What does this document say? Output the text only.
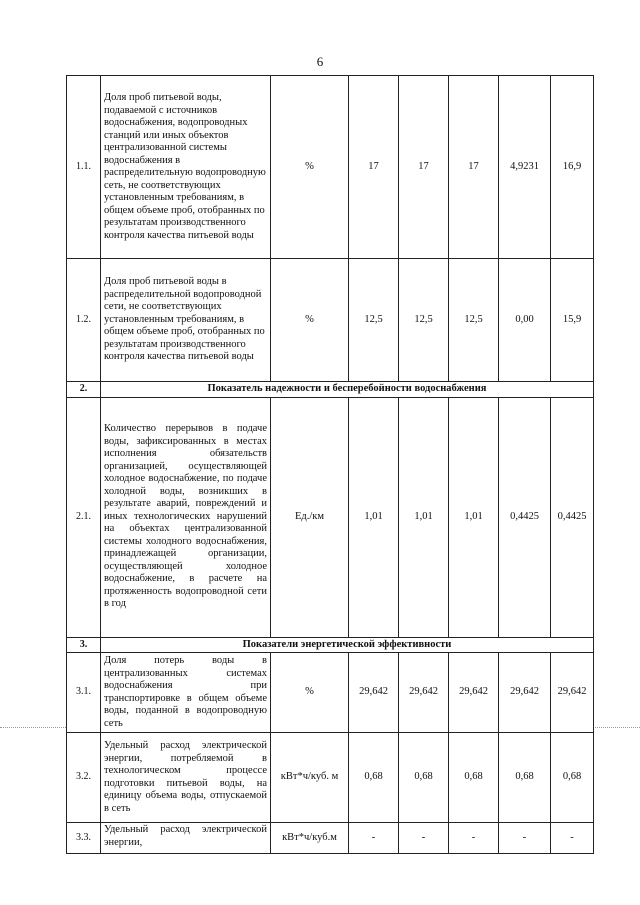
6
1.1.	Доля проб питьевой воды, подаваемой с источников водоснабжения, водопроводных станций или иных объектов централизованной системы водоснабжения в распределительную водопроводную сеть, не соответствующих установленным требованиям, в общем объеме проб, отобранных по результатам производственного контроля качества питьевой воды	%	17	17	17	4,9231	16,9
1.2.	Доля проб питьевой воды в распределительной водопроводной сети, не соответствующих установленным требованиям, в общем объеме проб, отобранных по результатам производственного контроля качества питьевой воды	%	12,5	12,5	12,5	0,00	15,9
2.	Показатель надежности и бесперебойности водоснабжения						
2.1.	Количество перерывов в подаче воды, зафиксированных в местах исполнения обязательств организацией, осуществляющей холодное водоснабжение, по подаче холодной воды, возникших в результате аварий, повреждений и иных технологических нарушений на объектах централизованной системы холодного водоснабжения, принадлежащей организации, осуществляющей холодное водоснабжение, в расчете на протяженность водопроводной сети в год	Ед./км	1,01	1,01	1,01	0,4425	0,4425
3.	Показатели энергетической эффективности						
3.1.	Доля потерь воды в централизованных системах водоснабжения при транспортировке в общем объеме воды, поданной в водопроводную сеть	%	29,642	29,642	29,642	29,642	29,642
3.2.	Удельный расход электрической энергии, потребляемой в технологическом процессе подготовки питьевой воды, на единицу объема воды, отпускаемой в сеть	кВт*ч/куб. м	0,68	0,68	0,68	0,68	0,68
3.3.	Удельный расход электрической энергии,	кВт*ч/куб.м	-	-	-	-	-
